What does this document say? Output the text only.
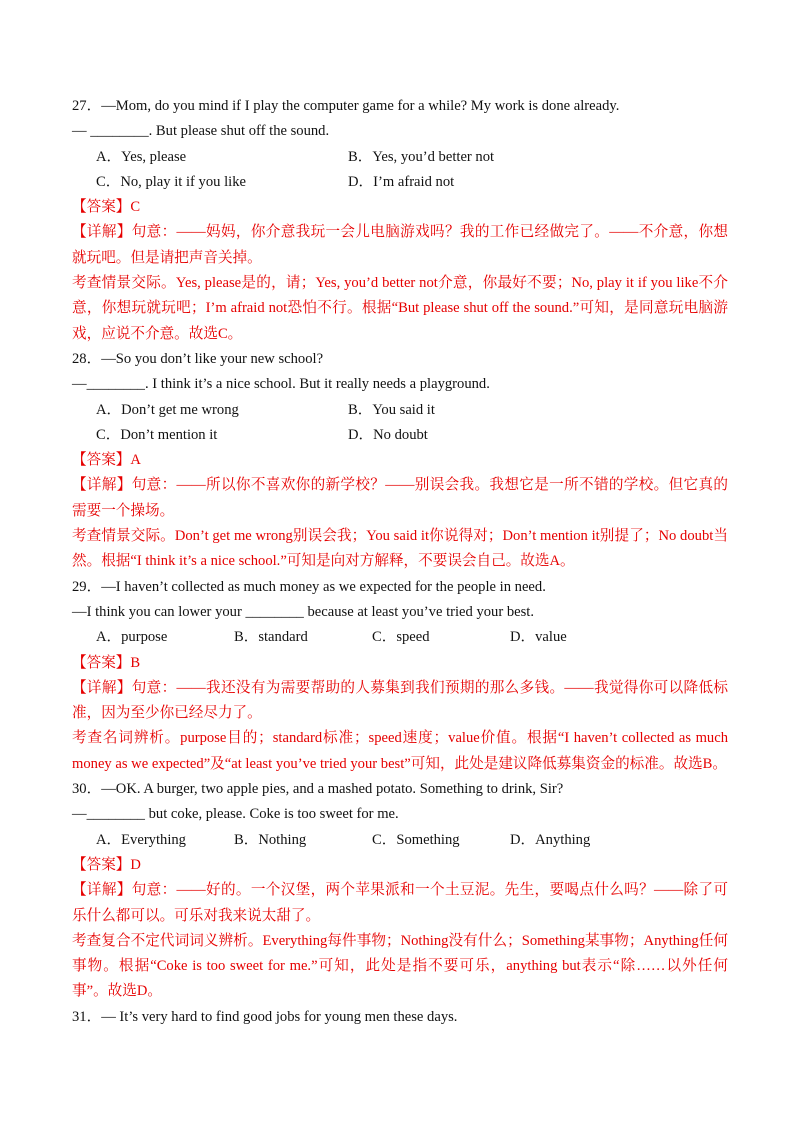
27．—Mom, do you mind if I play the computer game for a while? My work is done already.
— ________. But please shut off the sound.
A．Yes, please	B．Yes, you’d better not
C．No, play it if you like	D．I’m afraid not
【答案】C
【详解】句意：——妈妈，你介意我玩一会儿电脑游戏吗？我的工作已经做完了。——不介意，你想就玩吧。但是请把声音关掉。
考查情景交际。Yes, please是的，请；Yes, you’d better not介意，你最好不要；No, play it if you like不介意，你想玩就玩吧；I’m afraid not恐怕不行。根据“But please shut off the sound.”可知，是同意玩电脑游戏，应说不介意。故选C。
28．—So you don’t like your new school?
—________. I think it’s a nice school. But it really needs a playground.
A．Don’t get me wrong	B．You said it
C．Don’t mention it	D．No doubt
【答案】A
【详解】句意：——所以你不喜欢你的新学校？——别误会我。我想它是一所不错的学校。但它真的需要一个操场。
考查情景交际。Don’t get me wrong别误会我；You said it你说得对；Don’t mention it别提了；No doubt当然。根据“I think it’s a nice school.”可知是向对方解释，不要误会自己。故选A。
29．—I haven’t collected as much money as we expected for the people in need.
—I think you can lower your ________ because at least you’ve tried your best.
A．purpose	B．standard	C．speed	D．value
【答案】B
【详解】句意：——我还没有为需要帮助的人募集到我们预期的那么多钱。——我觉得你可以降低标准，因为至少你已经尽力了。
考查名词辨析。purpose目的；standard标准；speed速度；value价值。根据“I haven’t collected as much money as we expected”及“at least you’ve tried your best”可知，此处是建议降低募集资金的标准。故选B。
30．—OK. A burger, two apple pies, and a mashed potato. Something to drink, Sir?
—________ but coke, please. Coke is too sweet for me.
A．Everything	B．Nothing	C．Something	D．Anything
【答案】D
【详解】句意：——好的。一个汉堡，两个苹果派和一个土豆泥。先生，要喝点什么吗？——除了可乐什么都可以。可乐对我来说太甜了。
考查复合不定代词词义辨析。Everything每件事物；Nothing没有什么；Something某事物；Anything任何事物。根据“Coke is too sweet for me.”可知，此处是指不要可乐，anything but表示“除……以外任何事”。故选D。
31．— It’s very hard to find good jobs for young men these days.
